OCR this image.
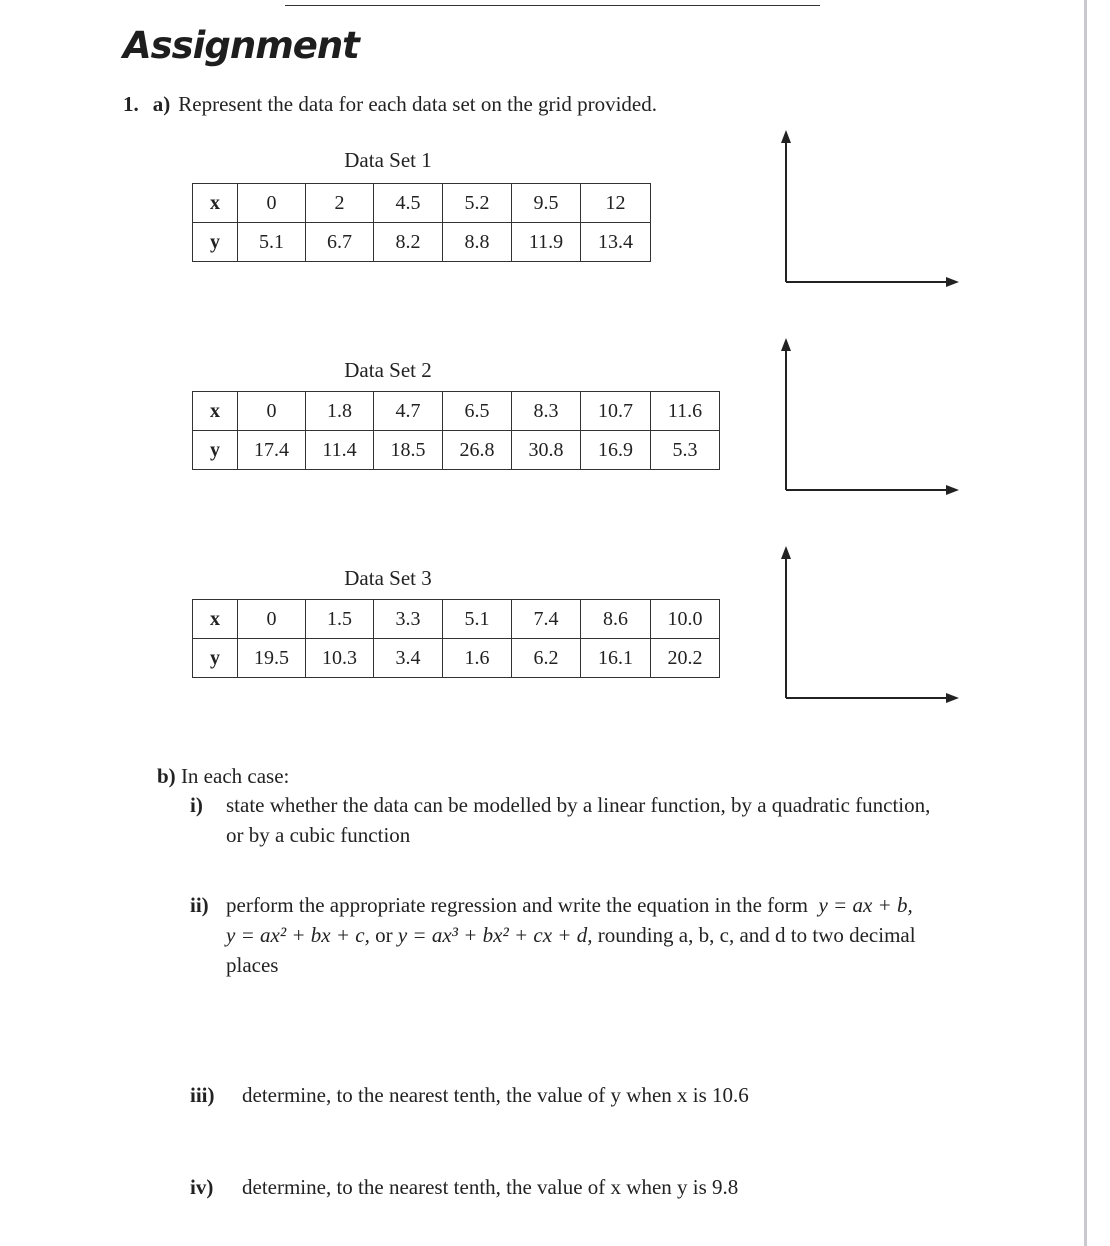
Assignment
1. a) Represent the data for each data set on the grid provided.
Data Set 1
x	0	2	4.5	5.2	9.5	12
y	5.1	6.7	8.2	8.8	11.9	13.4
Data Set 2
x	0	1.8	4.7	6.5	8.3	10.7	11.6
y	17.4	11.4	18.5	26.8	30.8	16.9	5.3
Data Set 3
x	0	1.5	3.3	5.1	7.4	8.6	10.0
y	19.5	10.3	3.4	1.6	6.2	16.1	20.2
b) In each case:
i) state whether the data can be modelled by a linear function, by a quadratic function,
or by a cubic function
ii) perform the appropriate regression and write the equation in the form y = ax + b,
y = ax² + bx + c, or y = ax³ + bx² + cx + d, rounding a, b, c, and d to two decimal
places
iii) determine, to the nearest tenth, the value of y when x is 10.6
iv) determine, to the nearest tenth, the value of x when y is 9.8
